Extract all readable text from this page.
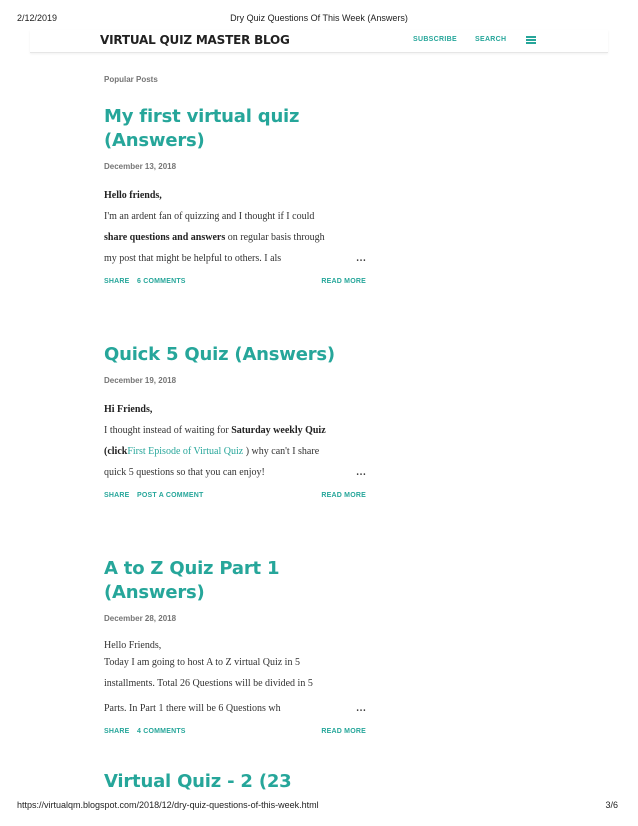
2/12/2019	Dry Quiz Questions Of This Week (Answers)
VIRTUAL QUIZ MASTER BLOG	SUBSCRIBE	SEARCH
Popular Posts
My first virtual quiz (Answers)
December 13, 2018
Hello friends,
I'm an ardent fan of quizzing and I thought if I could
share questions and answers on regular basis through
my post that might be helpful to others. I als	…
SHARE 6 COMMENTS	READ MORE
Quick 5 Quiz (Answers)
December 19, 2018
Hi Friends,
I thought instead of waiting for Saturday weekly Quiz
(clickFirst Episode of Virtual Quiz ) why can't I share
quick 5 questions so that you can enjoy!	…
SHARE POST A COMMENT	READ MORE
A to Z Quiz Part 1 (Answers)
December 28, 2018
Hello Friends,
Today I am going to host A to Z virtual Quiz in 5
installments. Total 26 Questions will be divided in 5
Parts. In Part 1 there will be 6 Questions wh	…
SHARE 4 COMMENTS	READ MORE
Virtual Quiz - 2 (23
https://virtualqm.blogspot.com/2018/12/dry-quiz-questions-of-this-week.html	3/6
